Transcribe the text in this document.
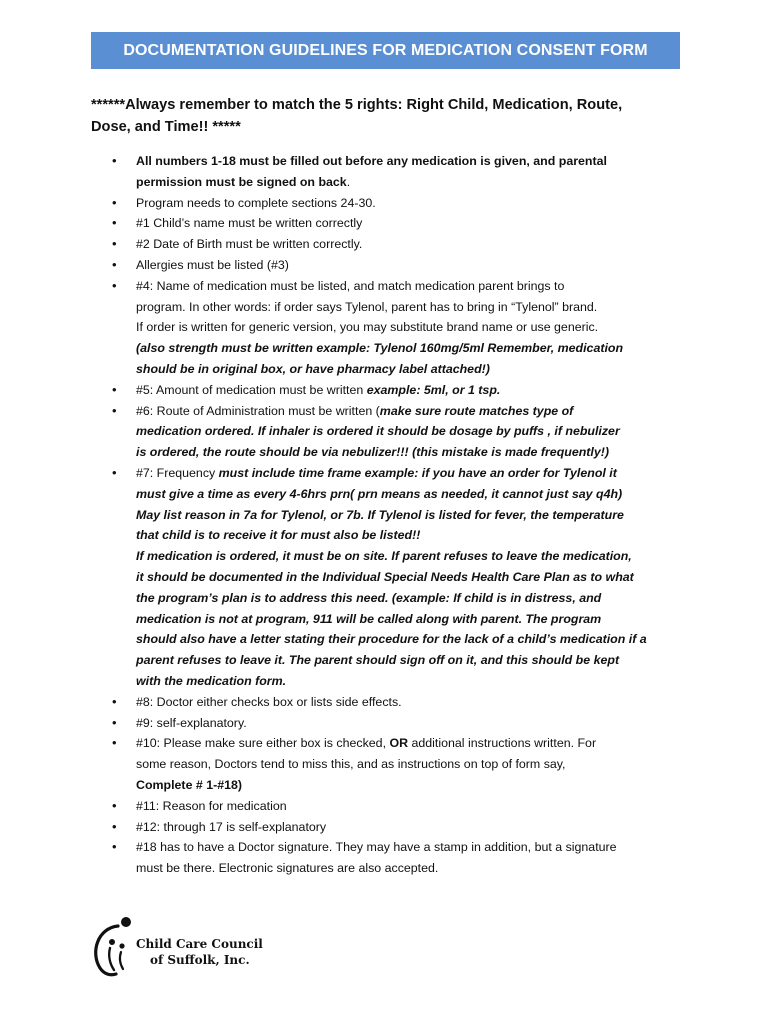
DOCUMENTATION GUIDELINES FOR MEDICATION CONSENT FORM
******Always remember to match the 5 rights: Right Child, Medication, Route,
Dose, and Time!! *****
• All numbers 1-18 must be filled out before any medication is given, and parental
permission must be signed on back.
• Program needs to complete sections 24-30.
• #1 Child’s name must be written correctly
• #2 Date of Birth must be written correctly.
• Allergies must be listed (#3)
• #4: Name of medication must be listed, and match medication parent brings to
program. In other words: if order says Tylenol, parent has to bring in “Tylenol” brand.
If order is written for generic version, you may substitute brand name or use generic.
(also strength must be written example: Tylenol 160mg/5ml Remember, medication
should be in original box, or have pharmacy label attached!)
• #5: Amount of medication must be written example: 5ml, or 1 tsp.
• #6: Route of Administration must be written (make sure route matches type of
medication ordered. If inhaler is ordered it should be dosage by puffs , if nebulizer
is ordered, the route should be via nebulizer!!! (this mistake is made frequently!)
• #7: Frequency must include time frame example: if you have an order for Tylenol it
must give a time as every 4-6hrs prn( prn means as needed, it cannot just say q4h)
May list reason in 7a for Tylenol, or 7b. If Tylenol is listed for fever, the temperature
that child is to receive it for must also be listed!!
If medication is ordered, it must be on site. If parent refuses to leave the medication,
it should be documented in the Individual Special Needs Health Care Plan as to what
the program’s plan is to address this need. (example: If child is in distress, and
medication is not at program, 911 will be called along with parent. The program
should also have a letter stating their procedure for the lack of a child’s medication if a
parent refuses to leave it. The parent should sign off on it, and this should be kept
with the medication form.
• #8: Doctor either checks box or lists side effects.
• #9: self-explanatory.
• #10: Please make sure either box is checked, OR additional instructions written. For
some reason, Doctors tend to miss this, and as instructions on top of form say,
Complete # 1-#18)
• #11: Reason for medication
• #12: through 17 is self-explanatory
• #18 has to have a Doctor signature. They may have a stamp in addition, but a signature
must be there. Electronic signatures are also accepted.
Child Care Council
of Suffolk, Inc.
